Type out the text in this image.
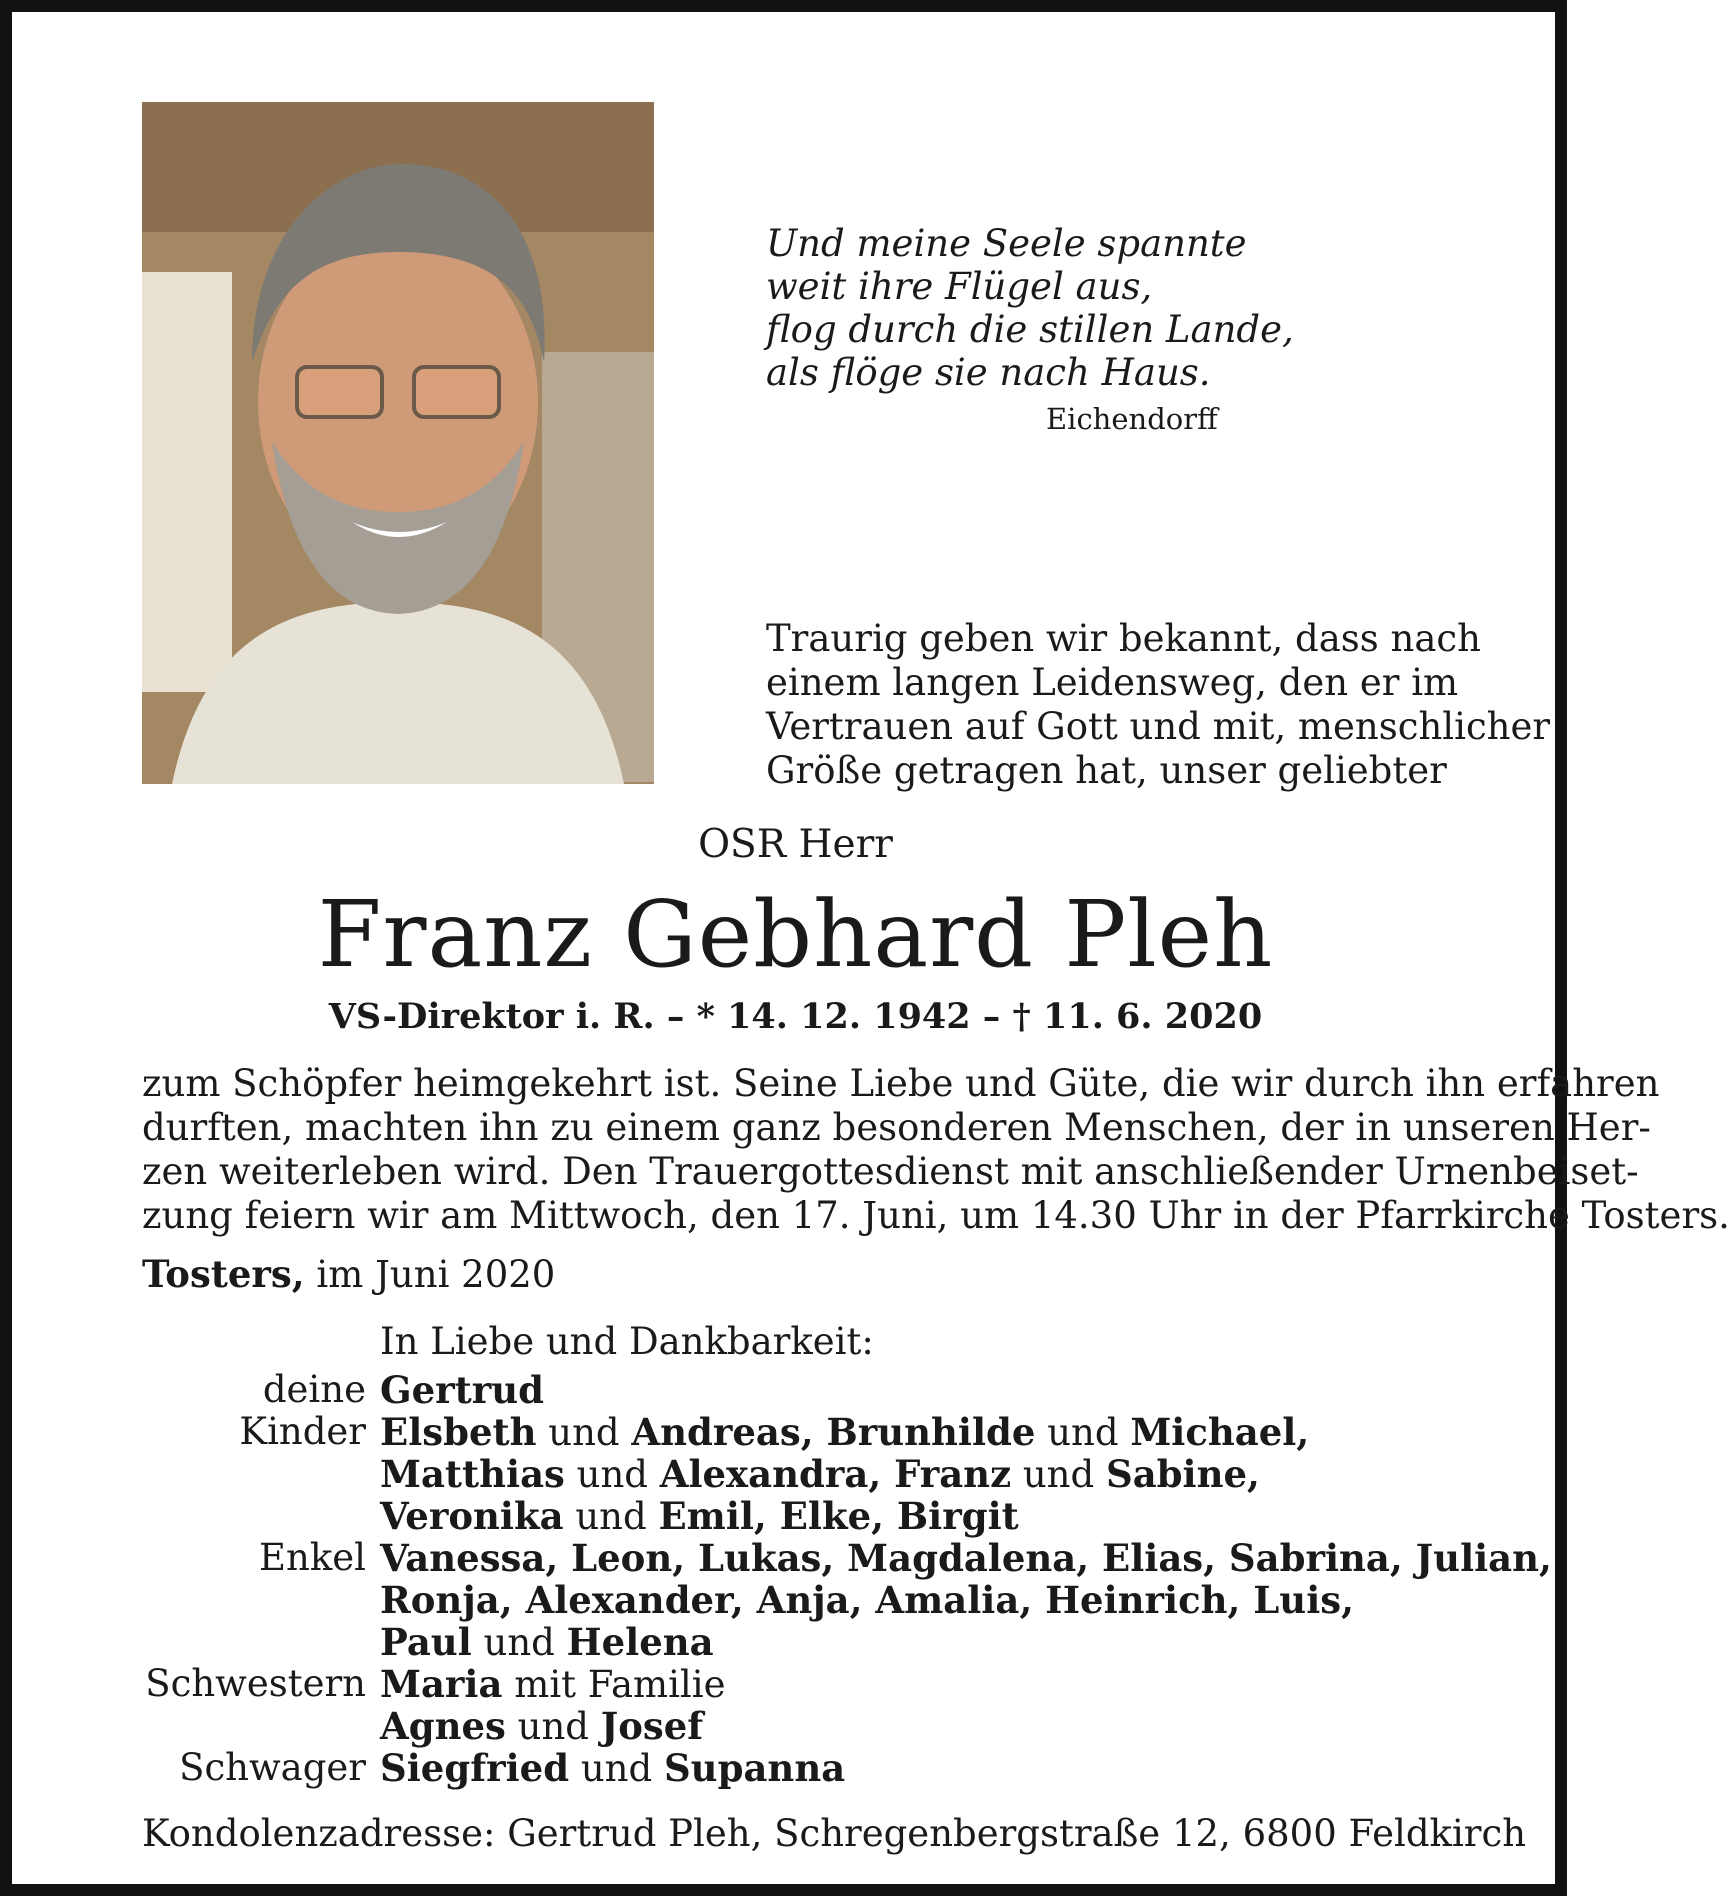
Und meine Seele spannte
weit ihre Flügel aus,
flog durch die stillen Lande,
als flöge sie nach Haus.
Eichendorff
Traurig geben wir bekannt, dass nach
einem langen Leidensweg, den er im
Vertrauen auf Gott und mit, menschlicher
Größe getragen hat, unser geliebter
OSR Herr
Franz Gebhard Pleh
VS-Direktor i. R. – * 14. 12. 1942 – † 11. 6. 2020
zum Schöpfer heimgekehrt ist. Seine Liebe und Güte, die wir durch ihn erfahren
durften, machten ihn zu einem ganz besonderen Menschen, der in unseren Her-
zen weiterleben wird. Den Trauergottesdienst mit anschließender Urnenbeiset-
zung feiern wir am Mittwoch, den 17. Juni, um 14.30 Uhr in der Pfarrkirche Tosters.
Tosters, im Juni 2020
In Liebe und Dankbarkeit:
deine Gertrud
Kinder Elsbeth und Andreas, Brunhilde und Michael,
Matthias und Alexandra, Franz und Sabine,
Veronika und Emil, Elke, Birgit
Enkel Vanessa, Leon, Lukas, Magdalena, Elias, Sabrina, Julian,
Ronja, Alexander, Anja, Amalia, Heinrich, Luis,
Paul und Helena
Schwestern Maria mit Familie
Agnes und Josef
Schwager Siegfried und Supanna
Kondolenzadresse: Gertrud Pleh, Schregenbergstraße 12, 6800 Feldkirch
